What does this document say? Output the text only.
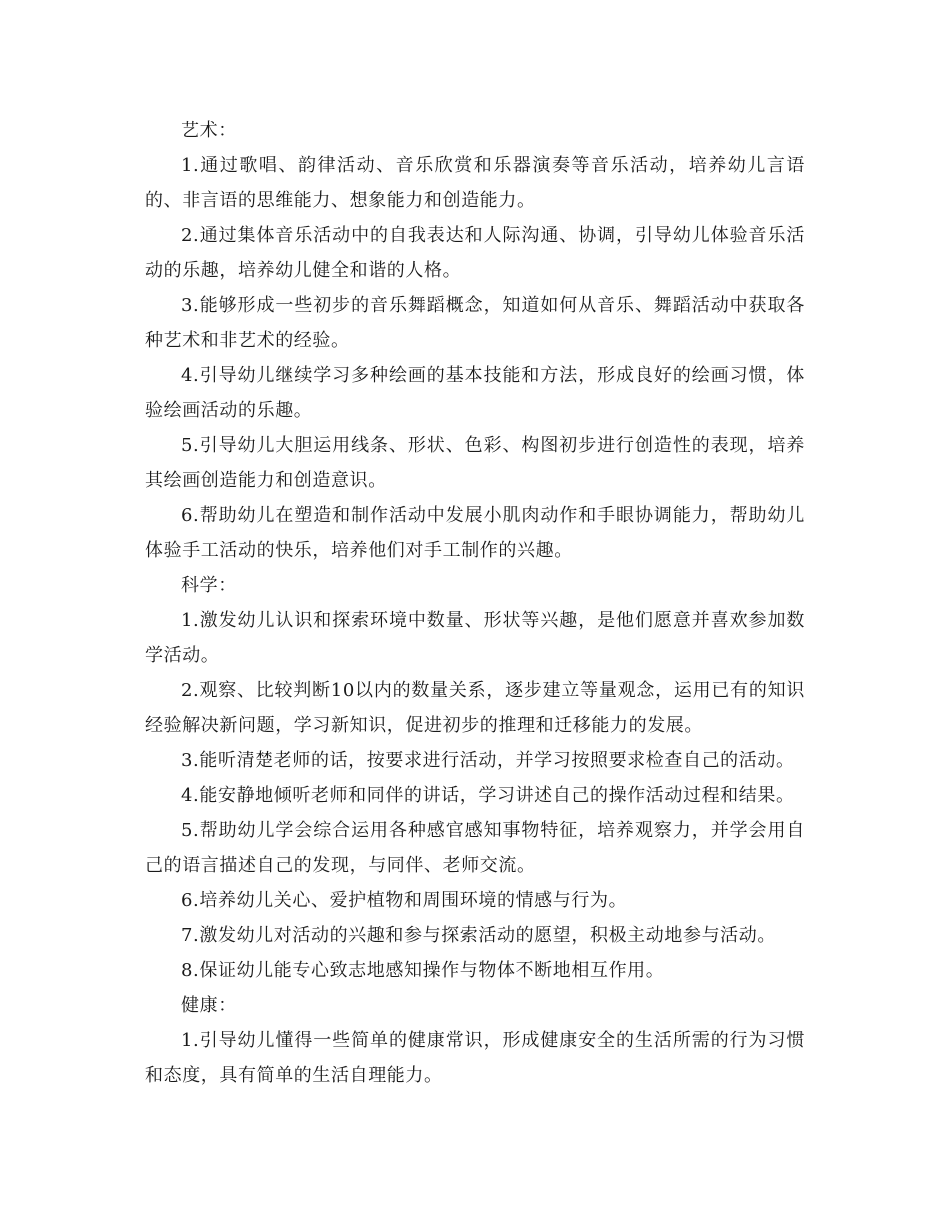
艺术：

1.通过歌唱、韵律活动、音乐欣赏和乐器演奏等音乐活动，培养幼儿言语的、非言语的思维能力、想象能力和创造能力。

2.通过集体音乐活动中的自我表达和人际沟通、协调，引导幼儿体验音乐活动的乐趣，培养幼儿健全和谐的人格。

3.能够形成一些初步的音乐舞蹈概念，知道如何从音乐、舞蹈活动中获取各种艺术和非艺术的经验。

4.引导幼儿继续学习多种绘画的基本技能和方法，形成良好的绘画习惯，体验绘画活动的乐趣。

5.引导幼儿大胆运用线条、形状、色彩、构图初步进行创造性的表现，培养其绘画创造能力和创造意识。

6.帮助幼儿在塑造和制作活动中发展小肌肉动作和手眼协调能力，帮助幼儿体验手工活动的快乐，培养他们对手工制作的兴趣。

科学：

1.激发幼儿认识和探索环境中数量、形状等兴趣，是他们愿意并喜欢参加数学活动。

2.观察、比较判断10以内的数量关系，逐步建立等量观念，运用已有的知识经验解决新问题，学习新知识，促进初步的推理和迁移能力的发展。

3.能听清楚老师的话，按要求进行活动，并学习按照要求检查自己的活动。

4.能安静地倾听老师和同伴的讲话，学习讲述自己的操作活动过程和结果。

5.帮助幼儿学会综合运用各种感官感知事物特征，培养观察力，并学会用自己的语言描述自己的发现，与同伴、老师交流。

6.培养幼儿关心、爱护植物和周围环境的情感与行为。

7.激发幼儿对活动的兴趣和参与探索活动的愿望，积极主动地参与活动。

8.保证幼儿能专心致志地感知操作与物体不断地相互作用。

健康：

1.引导幼儿懂得一些简单的健康常识，形成健康安全的生活所需的行为习惯和态度，具有简单的生活自理能力。
